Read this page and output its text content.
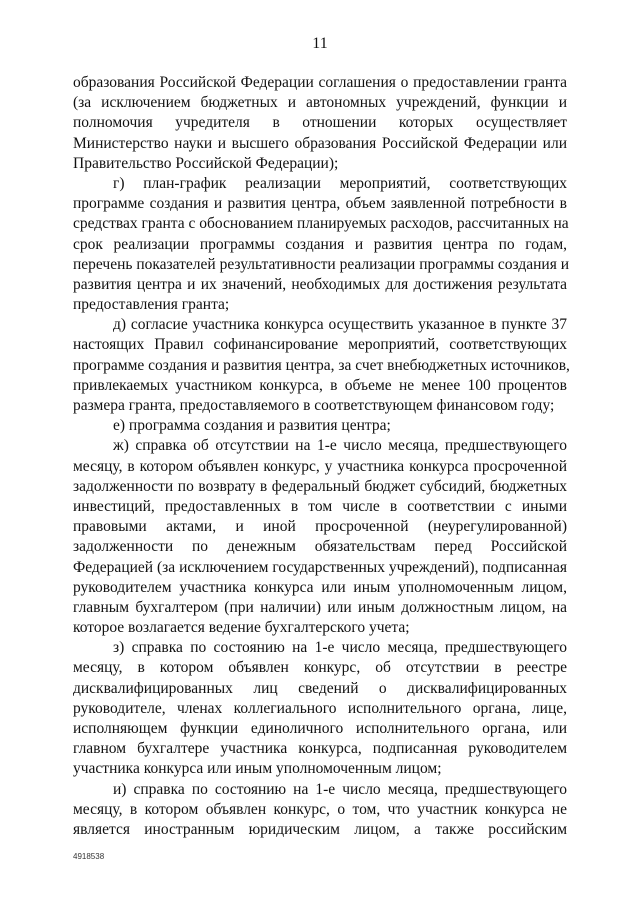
11
образования Российской Федерации соглашения о предоставлении гранта
(за исключением бюджетных и автономных учреждений, функции и
полномочия учредителя в отношении которых осуществляет
Министерство науки и высшего образования Российской Федерации или
Правительство Российской Федерации);
г) план-график реализации мероприятий, соответствующих
программе создания и развития центра, объем заявленной потребности в
средствах гранта с обоснованием планируемых расходов, рассчитанных на
срок реализации программы создания и развития центра по годам,
перечень показателей результативности реализации программы создания и
развития центра и их значений, необходимых для достижения результата
предоставления гранта;
д) согласие участника конкурса осуществить указанное в пункте 37
настоящих Правил софинансирование мероприятий, соответствующих
программе создания и развития центра, за счет внебюджетных источников,
привлекаемых участником конкурса, в объеме не менее 100 процентов
размера гранта, предоставляемого в соответствующем финансовом году;
е) программа создания и развития центра;
ж) справка об отсутствии на 1-е число месяца, предшествующего
месяцу, в котором объявлен конкурс, у участника конкурса просроченной
задолженности по возврату в федеральный бюджет субсидий, бюджетных
инвестиций, предоставленных в том числе в соответствии с иными
правовыми актами, и иной просроченной (неурегулированной)
задолженности по денежным обязательствам перед Российской
Федерацией (за исключением государственных учреждений), подписанная
руководителем участника конкурса или иным уполномоченным лицом,
главным бухгалтером (при наличии) или иным должностным лицом, на
которое возлагается ведение бухгалтерского учета;
з) справка по состоянию на 1-е число месяца, предшествующего
месяцу, в котором объявлен конкурс, об отсутствии в реестре
дисквалифицированных лиц сведений о дисквалифицированных
руководителе, членах коллегиального исполнительного органа, лице,
исполняющем функции единоличного исполнительного органа, или
главном бухгалтере участника конкурса, подписанная руководителем
участника конкурса или иным уполномоченным лицом;
и) справка по состоянию на 1-е число месяца, предшествующего
месяцу, в котором объявлен конкурс, о том, что участник конкурса не
является иностранным юридическим лицом, а также российским
4918538
